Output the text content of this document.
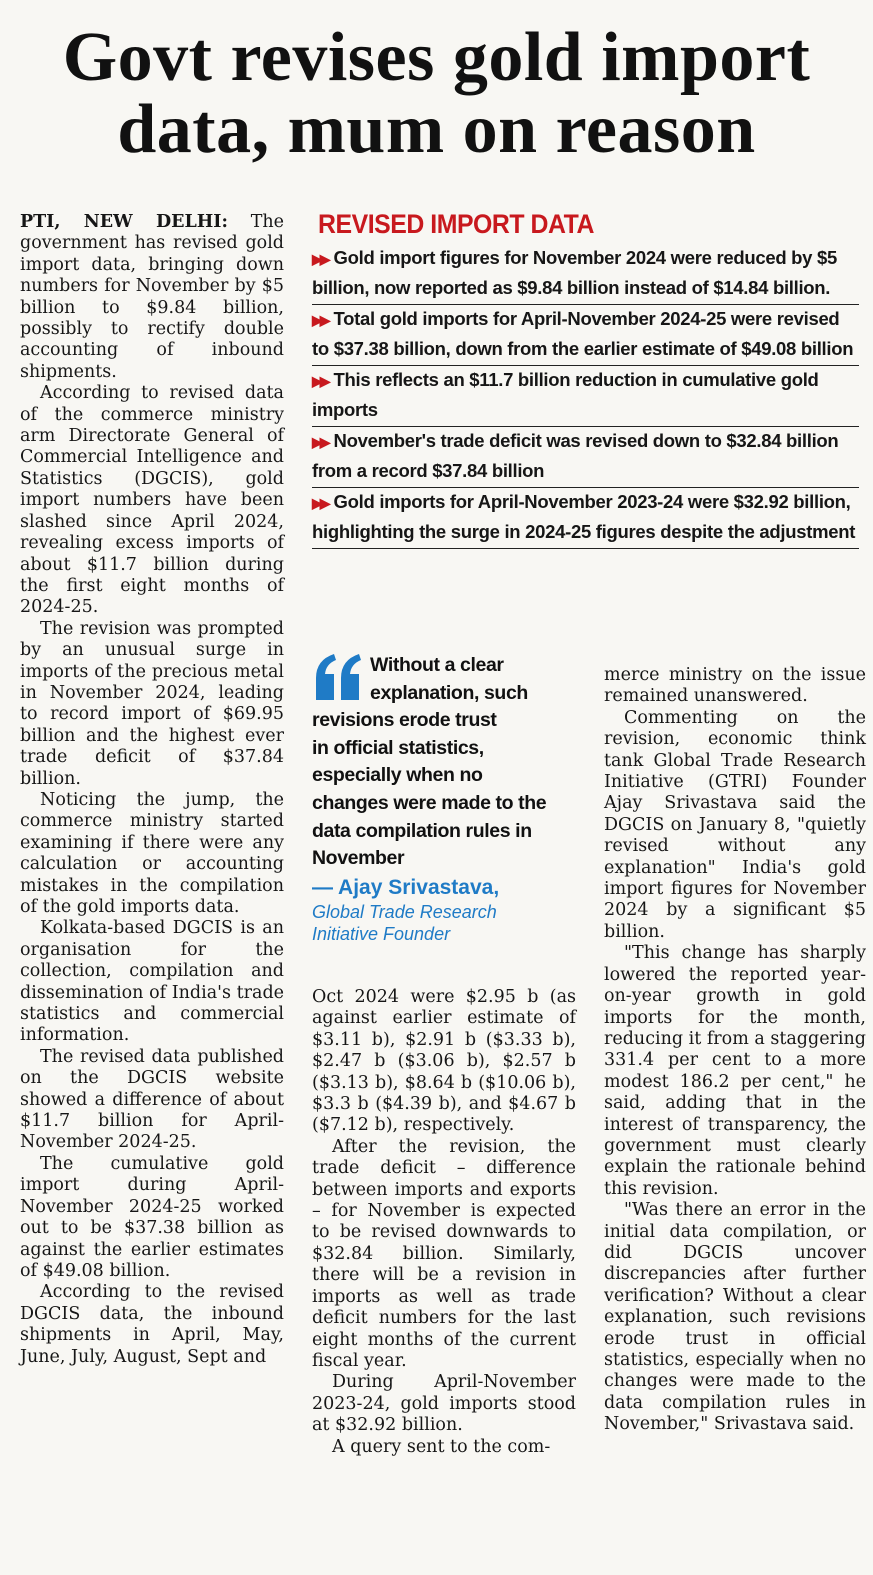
Govt revises gold import
data, mum on reason

PTI, NEW DELHI: The government has revised gold import data, bringing down numbers for November by $5 billion to $9.84 billion, possibly to rectify double accounting of inbound shipments.

According to revised data of the commerce ministry arm Directorate General of Commercial Intelligence and Statistics (DGCIS), gold import numbers have been slashed since April 2024, revealing excess imports of about $11.7 billion during the first eight months of 2024-25.

The revision was prompted by an unusual surge in imports of the precious metal in November 2024, leading to record import of $69.95 billion and the highest ever trade deficit of $37.84 billion.

Noticing the jump, the commerce ministry started examining if there were any calculation or accounting mistakes in the compilation of the gold imports data.

Kolkata-based DGCIS is an organisation for the collection, compilation and dissemination of India's trade statistics and commercial information.

The revised data published on the DGCIS website showed a difference of about $11.7 billion for April-November 2024-25.

The cumulative gold import during April-November 2024-25 worked out to be $37.38 billion as against the earlier estimates of $49.08 billion.

According to the revised DGCIS data, the inbound shipments in April, May, June, July, August, Sept and

REVISED IMPORT DATA
▶▶ Gold import figures for November 2024 were reduced by $5 billion, now reported as $9.84 billion instead of $14.84 billion.
▶▶ Total gold imports for April-November 2024-25 were revised to $37.38 billion, down from the earlier estimate of $49.08 billion
▶▶ This reflects an $11.7 billion reduction in cumulative gold imports
▶▶ November's trade deficit was revised down to $32.84 billion from a record $37.84 billion
▶▶ Gold imports for April-November 2023-24 were $32.92 billion, highlighting the surge in 2024-25 figures despite the adjustment
Without a clear
explanation, such
revisions erode trust
in official statistics,
especially when no
changes were made to the
data compilation rules in
November
— Ajay Srivastava,
Global Trade Research
Initiative Founder

Oct 2024 were $2.95 b (as against earlier estimate of $3.11 b), $2.91 b ($3.33 b), $2.47 b ($3.06 b), $2.57 b ($3.13 b), $8.64 b ($10.06 b), $3.3 b ($4.39 b), and $4.67 b ($7.12 b), respectively.

After the revision, the trade deficit – difference between imports and exports – for November is expected to be revised downwards to $32.84 billion. Similarly, there will be a revision in imports as well as trade deficit numbers for the last eight months of the current fiscal year.

During April-November 2023-24, gold imports stood at $32.92 billion.

A query sent to the com-

merce ministry on the issue remained unanswered.

Commenting on the revision, economic think tank Global Trade Research Initiative (GTRI) Founder Ajay Srivastava said the DGCIS on January 8, "quietly revised without any explanation" India's gold import figures for November 2024 by a significant $5 billion.

"This change has sharply lowered the reported year-on-year growth in gold imports for the month, reducing it from a staggering 331.4 per cent to a more modest 186.2 per cent," he said, adding that in the interest of transparency, the government must clearly explain the rationale behind this revision.

"Was there an error in the initial data compilation, or did DGCIS uncover discrepancies after further verification? Without a clear explanation, such revisions erode trust in official statistics, especially when no changes were made to the data compilation rules in November," Srivastava said.
